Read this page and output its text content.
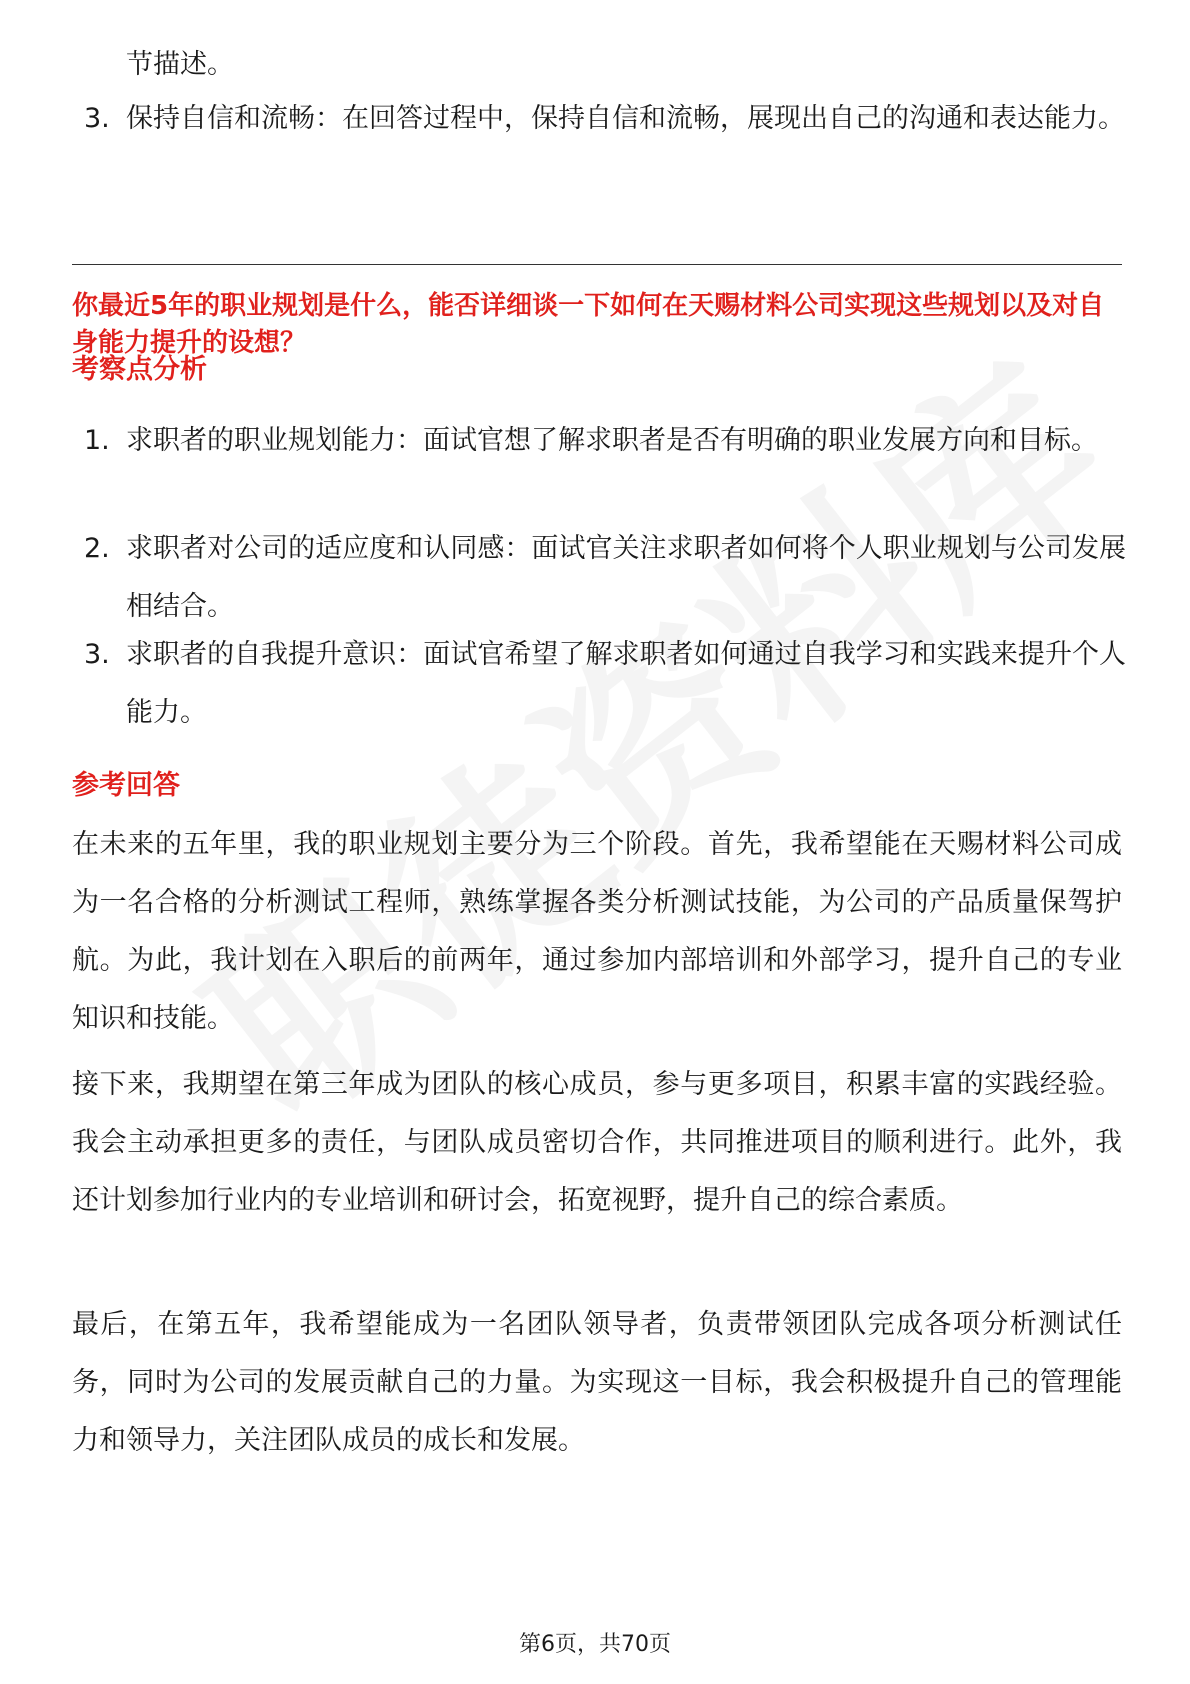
节描述。
3. 保持自信和流畅：在回答过程中，保持自信和流畅，展现出自己的沟通和表达能力。
你最近5年的职业规划是什么，能否详细谈一下如何在天赐材料公司实现这些规划以及对自身能力提升的设想？
考察点分析
1. 求职者的职业规划能力：面试官想了解求职者是否有明确的职业发展方向和目标。
2. 求职者对公司的适应度和认同感：面试官关注求职者如何将个人职业规划与公司发展相结合。
3. 求职者的自我提升意识：面试官希望了解求职者如何通过自我学习和实践来提升个人能力。
参考回答
在未来的五年里，我的职业规划主要分为三个阶段。首先，我希望能在天赐材料公司成为一名合格的分析测试工程师，熟练掌握各类分析测试技能，为公司的产品质量保驾护航。为此，我计划在入职后的前两年，通过参加内部培训和外部学习，提升自己的专业知识和技能。
接下来，我期望在第三年成为团队的核心成员，参与更多项目，积累丰富的实践经验。我会主动承担更多的责任，与团队成员密切合作，共同推进项目的顺利进行。此外，我还计划参加行业内的专业培训和研讨会，拓宽视野，提升自己的综合素质。
最后，在第五年，我希望能成为一名团队领导者，负责带领团队完成各项分析测试任务，同时为公司的发展贡献自己的力量。为实现这一目标，我会积极提升自己的管理能力和领导力，关注团队成员的成长和发展。
第6页，共70页
